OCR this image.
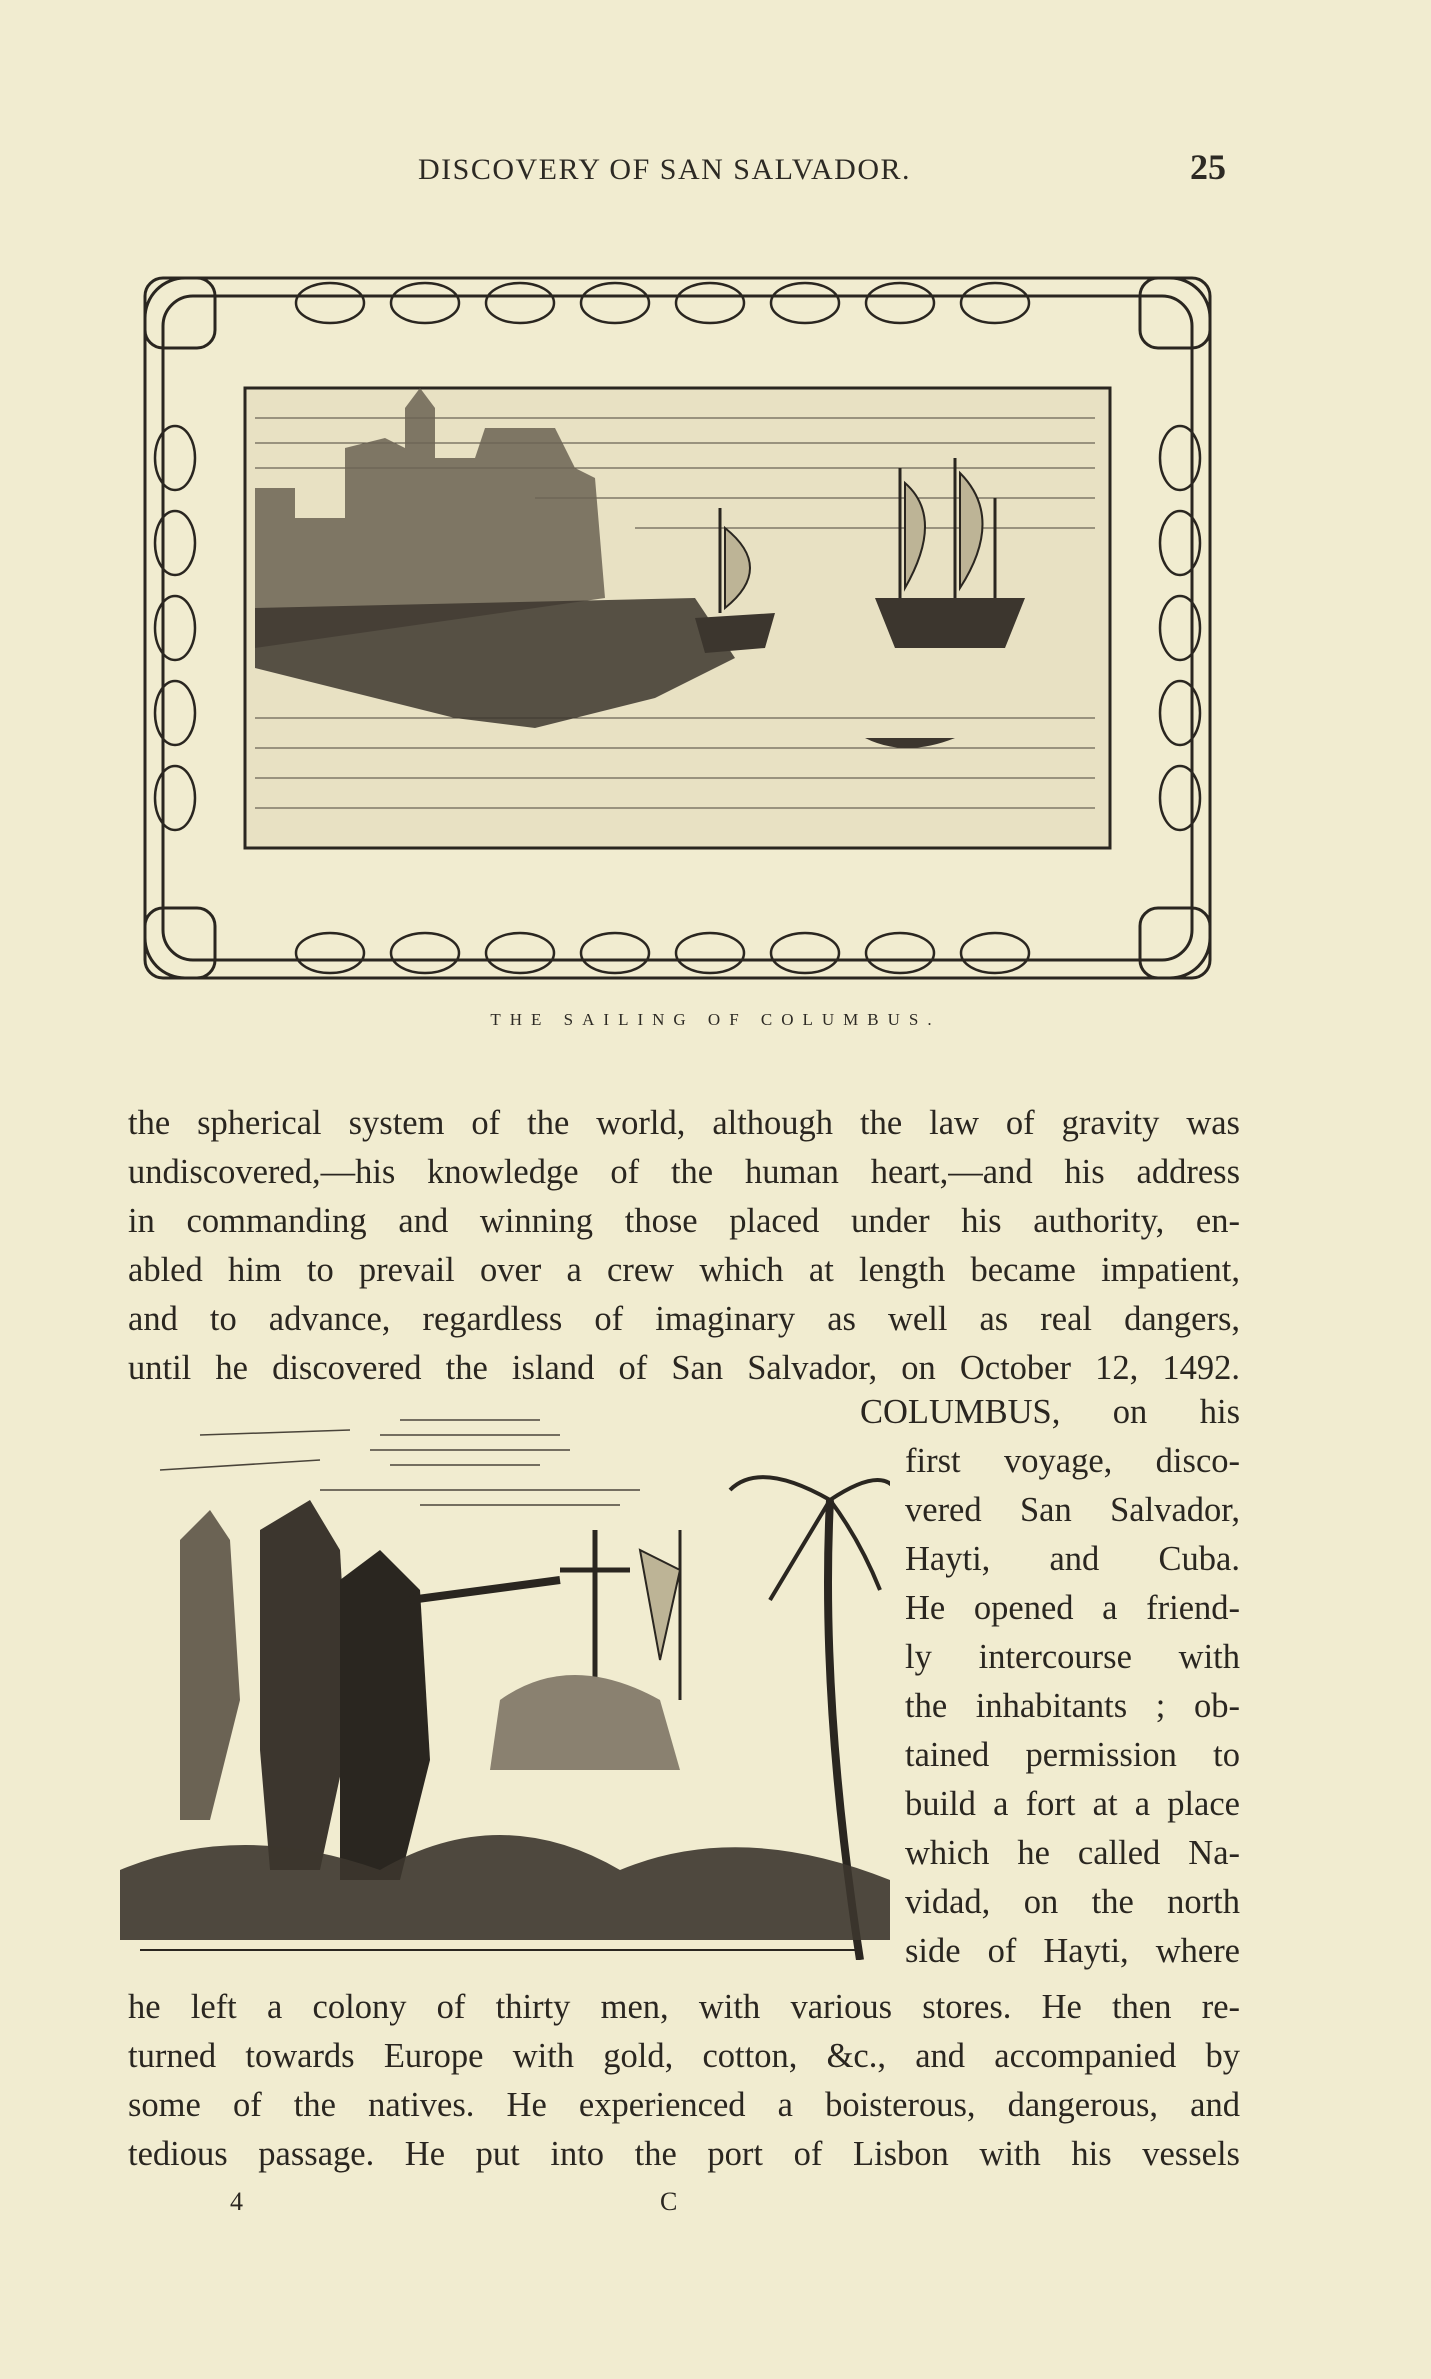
DISCOVERY OF SAN SALVADOR.	25
THE SAILING OF COLUMBUS.
the spherical system of the world, although the law of gravity was
undiscovered,—his knowledge of the human heart,—and his address
in commanding and winning those placed under his authority, en-
abled him to prevail over a crew which at length became impatient,
and to advance, regardless of imaginary as well as real dangers,
until he discovered the island of San Salvador, on October 12, 1492.
COLUMBUS, on his
first voyage, disco-
vered San Salvador,
Hayti, and Cuba.
He opened a friend-
ly intercourse with
the inhabitants ; ob-
tained permission to
build a fort at a place
which he called Na-
vidad, on the north
side of Hayti, where
he left a colony of thirty men, with various stores. He then re-
turned towards Europe with gold, cotton, &c., and accompanied by
some of the natives. He experienced a boisterous, dangerous, and
tedious passage. He put into the port of Lisbon with his vessels
4	C
